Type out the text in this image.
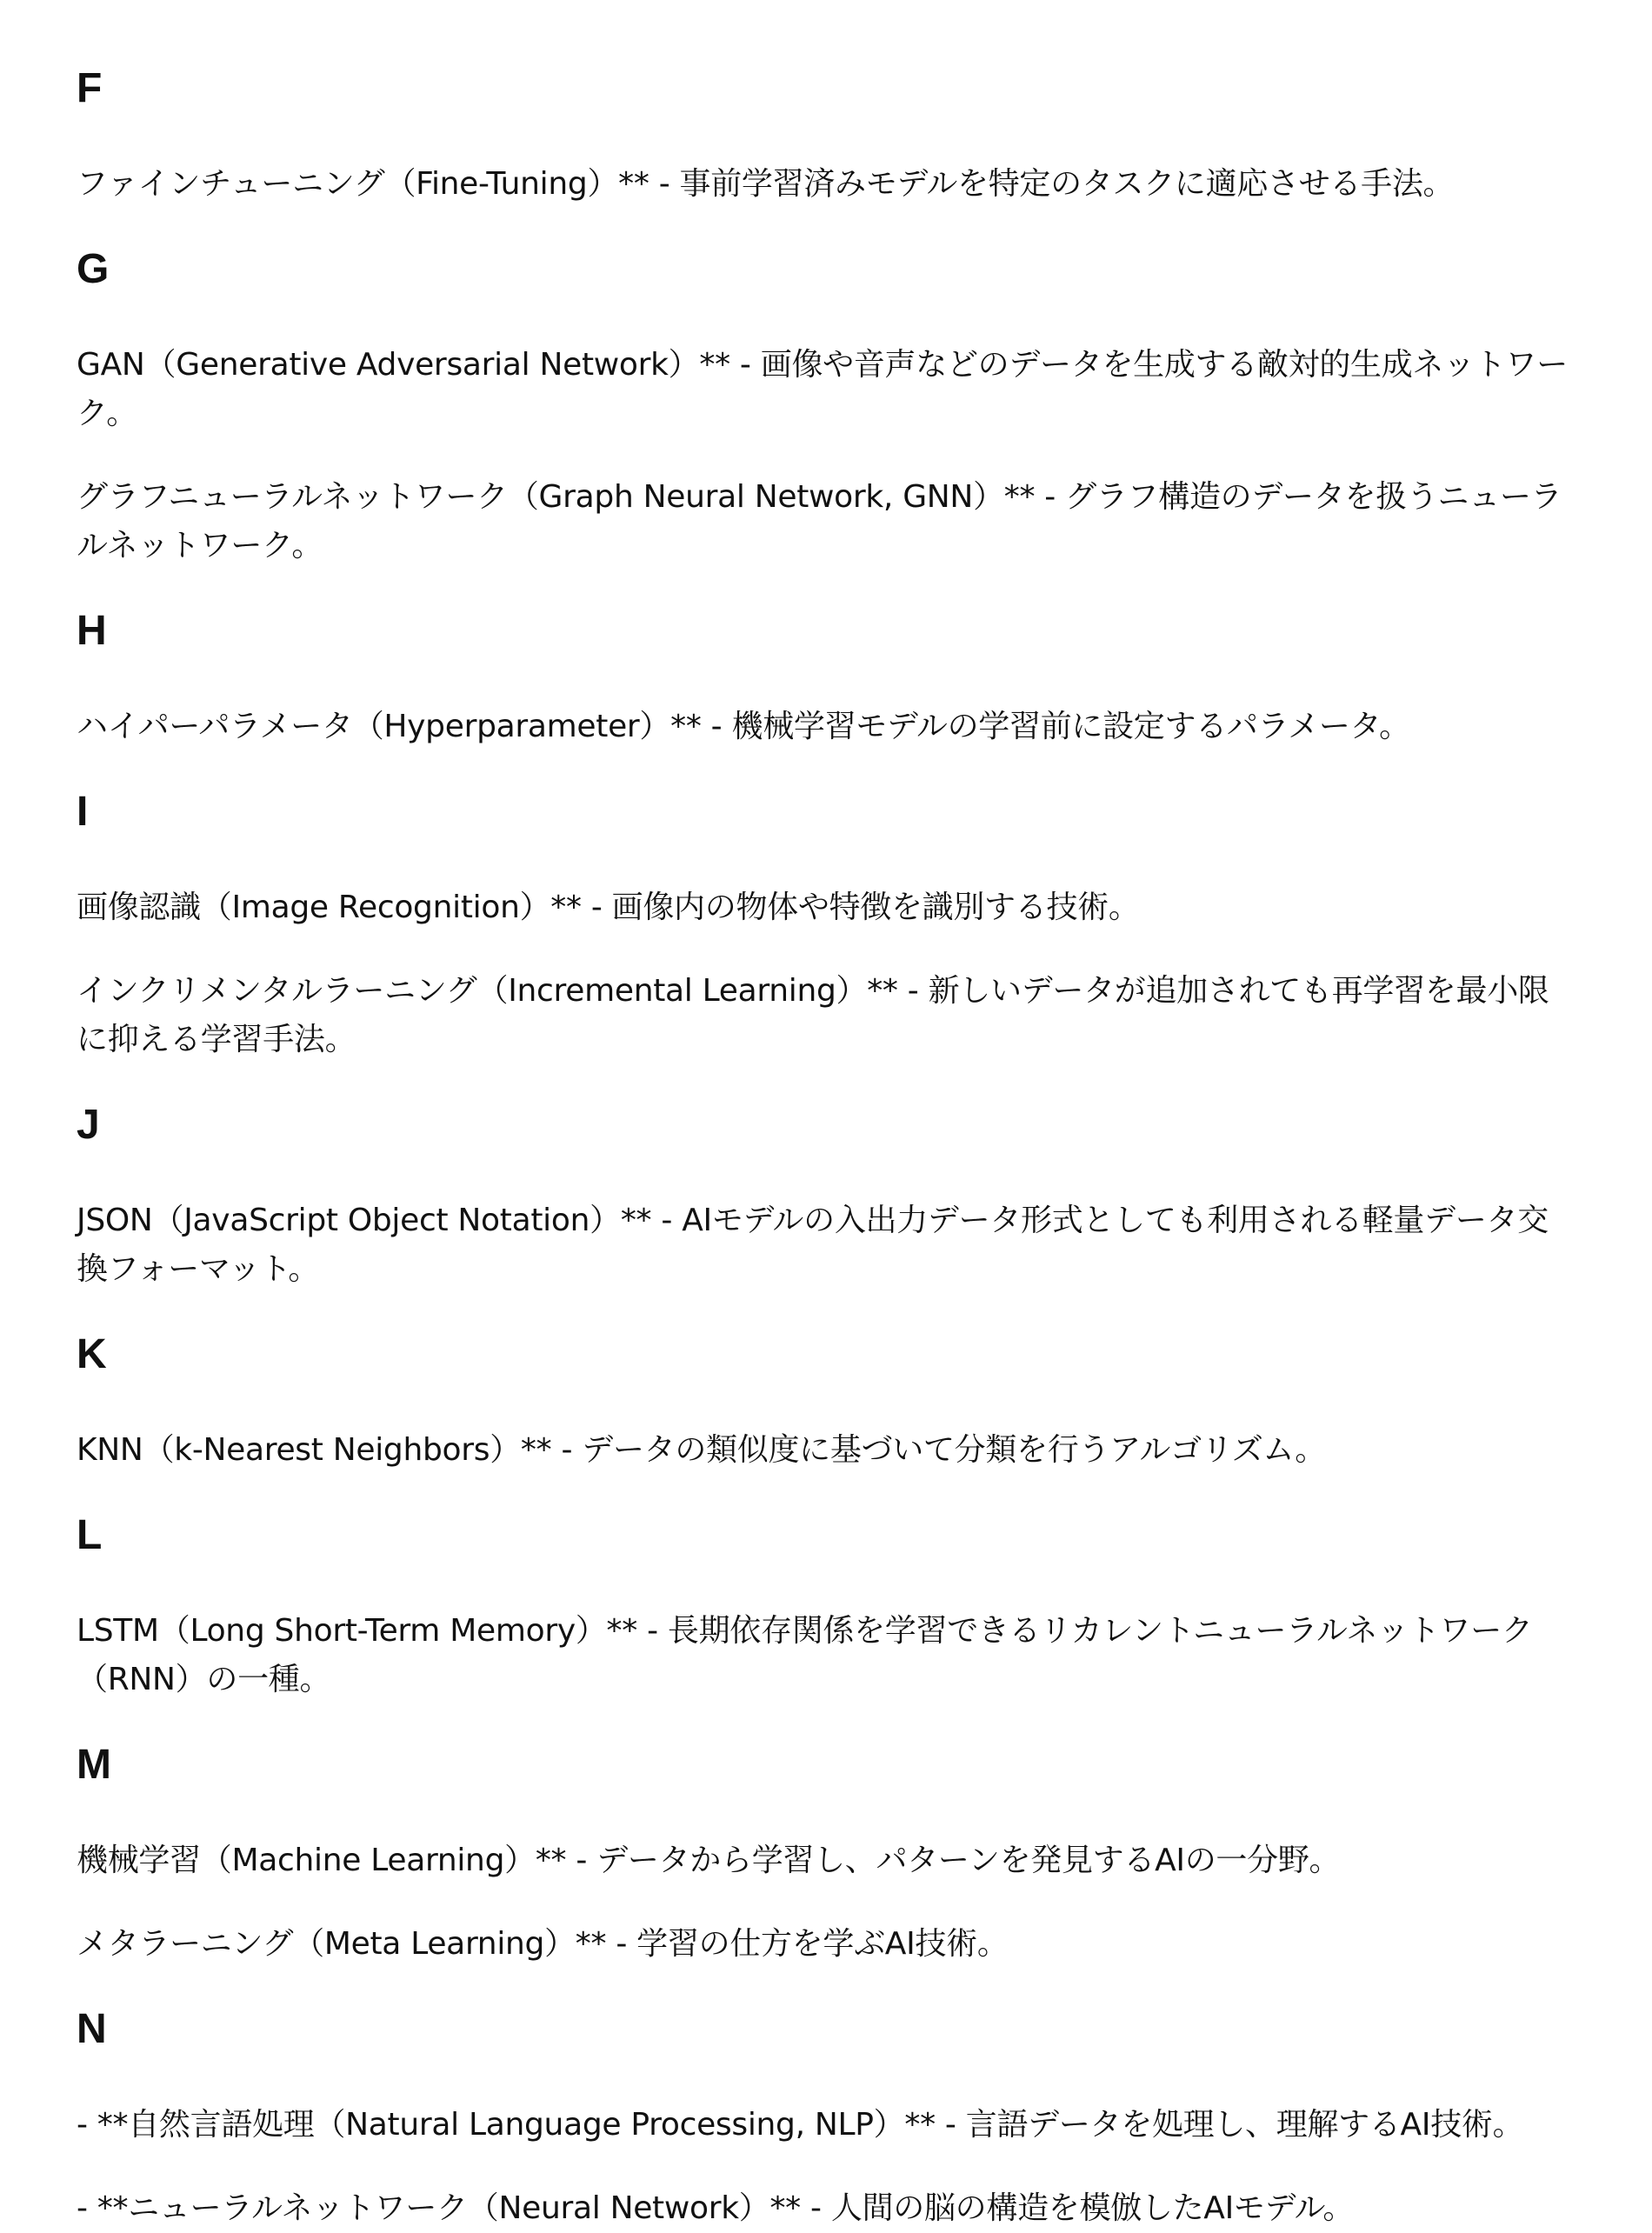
F

ファインチューニング（Fine-Tuning）** - 事前学習済みモデルを特定のタスクに適応させる手法。

G

GAN（Generative Adversarial Network）** - 画像や音声などのデータを生成する敵対的生成ネットワーク。

グラフニューラルネットワーク（Graph Neural Network, GNN）** - グラフ構造のデータを扱うニューラルネットワーク。

H

ハイパーパラメータ（Hyperparameter）** - 機械学習モデルの学習前に設定するパラメータ。

I

画像認識（Image Recognition）** - 画像内の物体や特徴を識別する技術。

インクリメンタルラーニング（Incremental Learning）** - 新しいデータが追加されても再学習を最小限に抑える学習手法。

J

JSON（JavaScript Object Notation）** - AIモデルの入出力データ形式としても利用される軽量データ交換フォーマット。

K

KNN（k-Nearest Neighbors）** - データの類似度に基づいて分類を行うアルゴリズム。

L

LSTM（Long Short-Term Memory）** - 長期依存関係を学習できるリカレントニューラルネットワーク（RNN）の一種。

M

機械学習（Machine Learning）** - データから学習し、パターンを発見するAIの一分野。

メタラーニング（Meta Learning）** - 学習の仕方を学ぶAI技術。

N

- **自然言語処理（Natural Language Processing, NLP）** - 言語データを処理し、理解するAI技術。

- **ニューラルネットワーク（Neural Network）** - 人間の脳の構造を模倣したAIモデル。
